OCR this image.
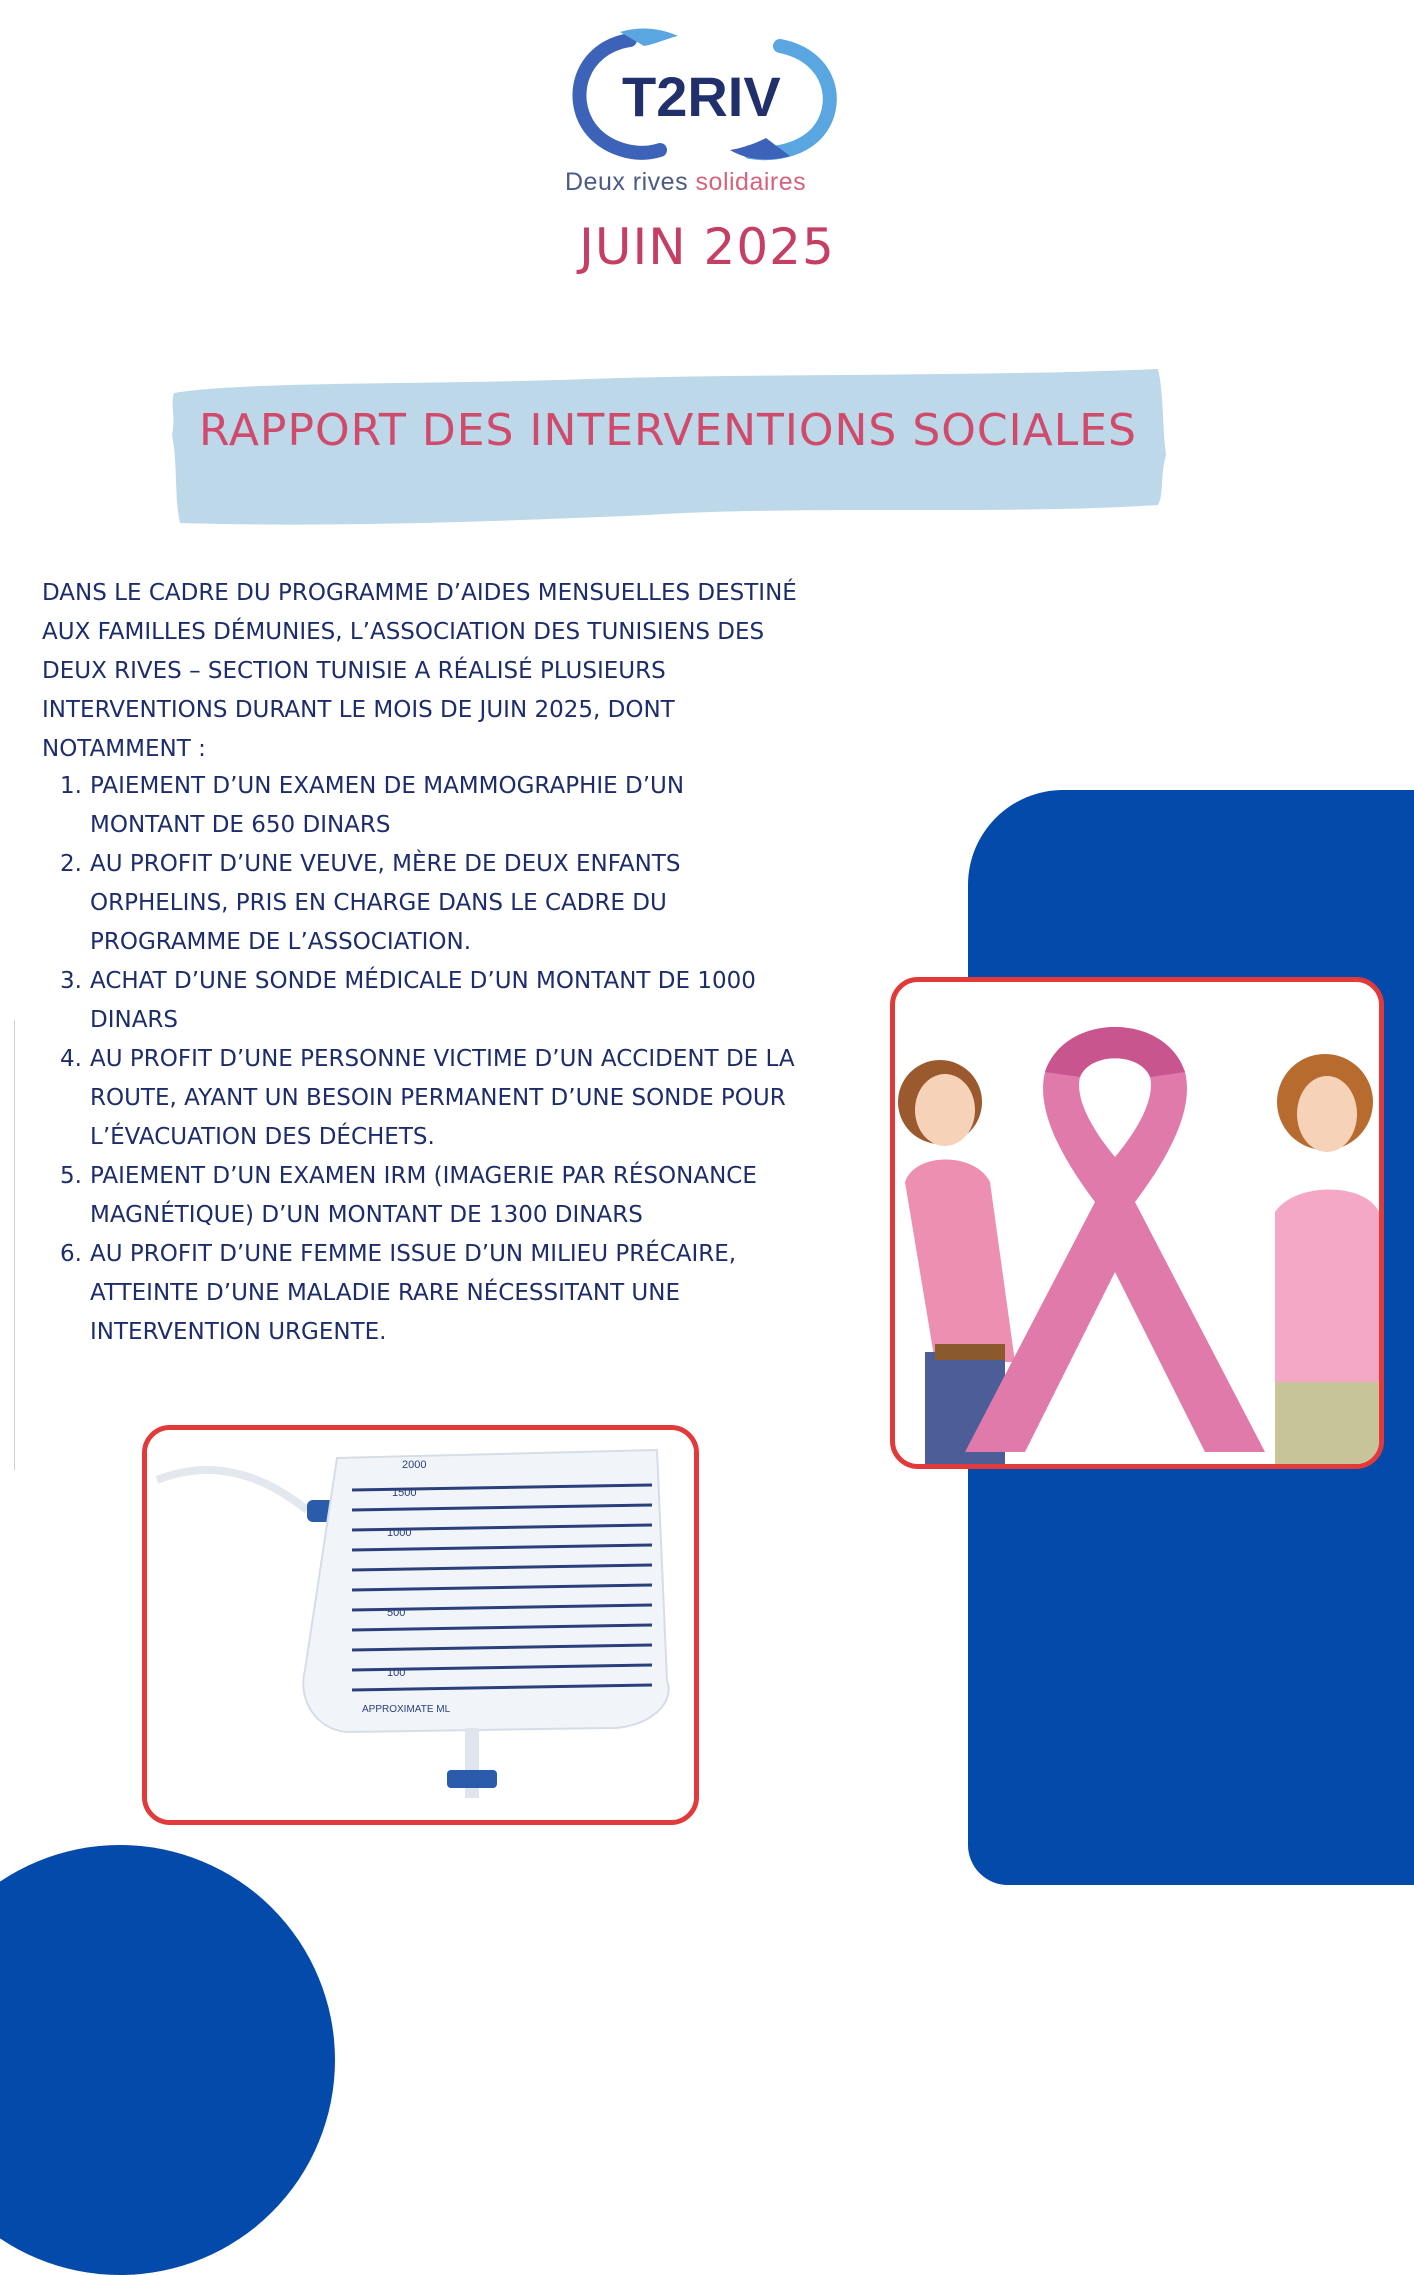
T2RIV
Deux rives solidaires
JUIN 2025
RAPPORT DES INTERVENTIONS SOCIALES
DANS LE CADRE DU PROGRAMME D’AIDES MENSUELLES DESTINÉ
AUX FAMILLES DÉMUNIES, L’ASSOCIATION DES TUNISIENS DES
DEUX RIVES – SECTION TUNISIE A RÉALISÉ PLUSIEURS
INTERVENTIONS DURANT LE MOIS DE JUIN 2025, DONT
NOTAMMENT :
1. PAIEMENT D’UN EXAMEN DE MAMMOGRAPHIE D’UN
MONTANT DE 650 DINARS
2. AU PROFIT D’UNE VEUVE, MÈRE DE DEUX ENFANTS
ORPHELINS, PRIS EN CHARGE DANS LE CADRE DU
PROGRAMME DE L’ASSOCIATION.
3. ACHAT D’UNE SONDE MÉDICALE D’UN MONTANT DE 1000
DINARS
4. AU PROFIT D’UNE PERSONNE VICTIME D’UN ACCIDENT DE LA
ROUTE, AYANT UN BESOIN PERMANENT D’UNE SONDE POUR
L’ÉVACUATION DES DÉCHETS.
5. PAIEMENT D’UN EXAMEN IRM (IMAGERIE PAR RÉSONANCE
MAGNÉTIQUE) D’UN MONTANT DE 1300 DINARS
6. AU PROFIT D’UNE FEMME ISSUE D’UN MILIEU PRÉCAIRE,
ATTEINTE D’UNE MALADIE RARE NÉCESSITANT UNE
INTERVENTION URGENTE.
2000
1500
1000
500
100
APPROXIMATE ML
